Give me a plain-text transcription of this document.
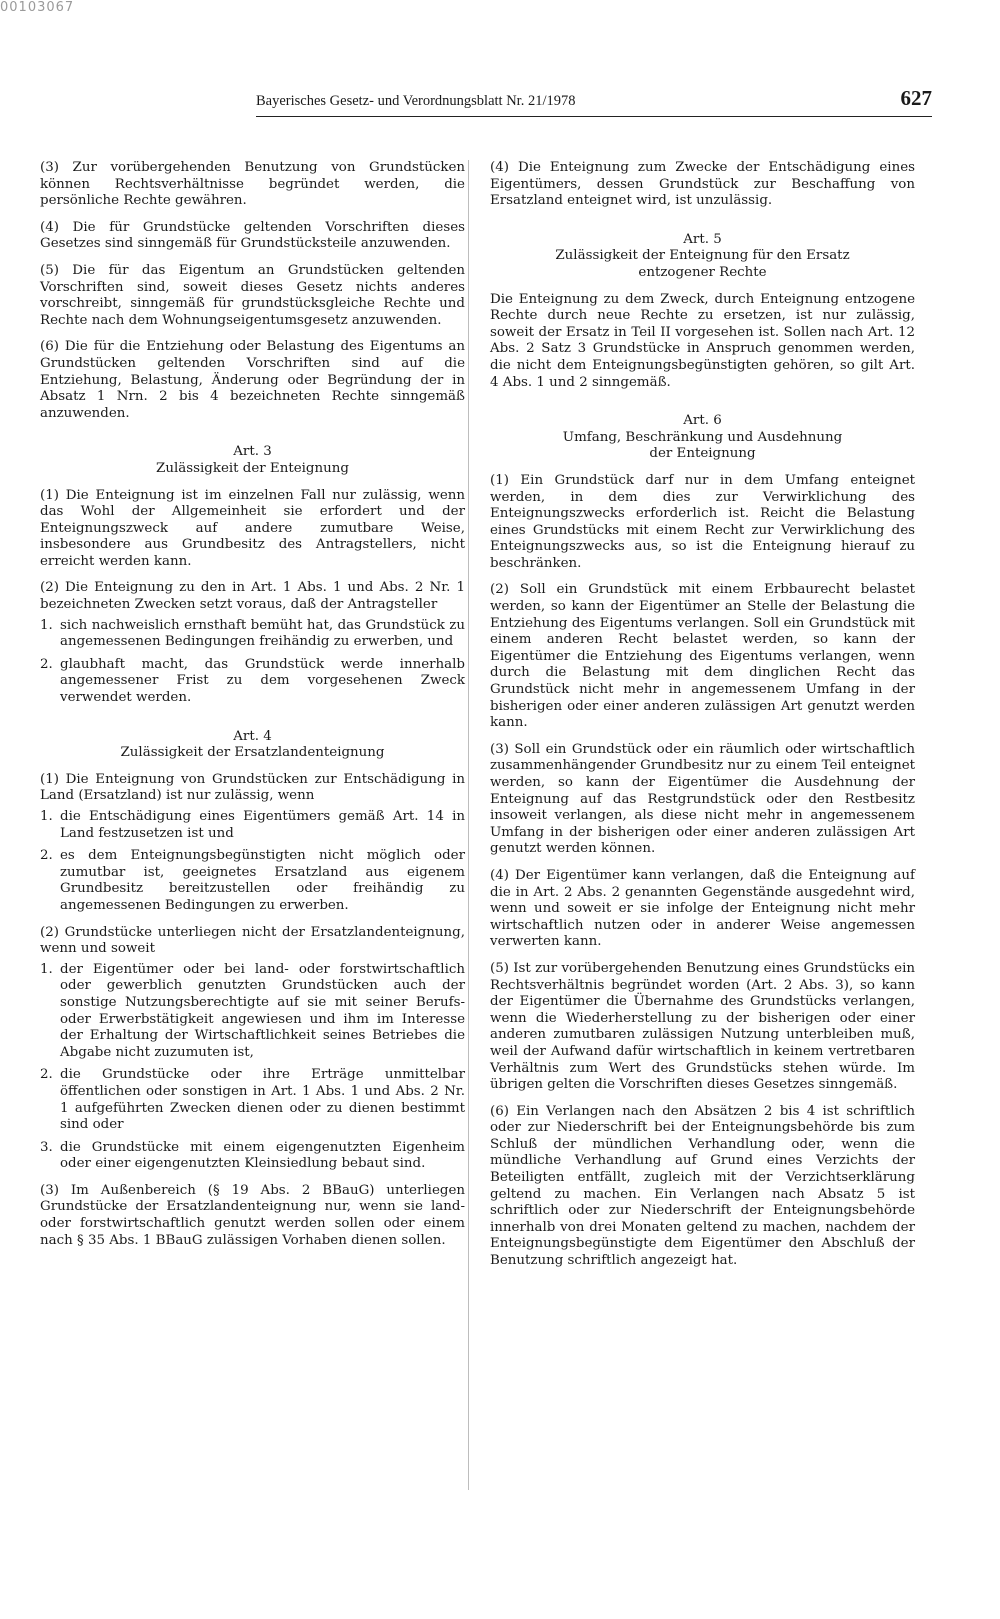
00103067
Bayerisches Gesetz- und Verordnungsblatt Nr. 21/1978	627

(3) Zur vorübergehenden Benutzung von Grundstücken können Rechtsverhältnisse begründet werden, die persönliche Rechte gewähren.

(4) Die für Grundstücke geltenden Vorschriften dieses Gesetzes sind sinngemäß für Grundstücksteile anzuwenden.

(5) Die für das Eigentum an Grundstücken geltenden Vorschriften sind, soweit dieses Gesetz nichts anderes vorschreibt, sinngemäß für grundstücksgleiche Rechte und Rechte nach dem Wohnungseigentumsgesetz anzuwenden.

(6) Die für die Entziehung oder Belastung des Eigentums an Grundstücken geltenden Vorschriften sind auf die Entziehung, Belastung, Änderung oder Begründung der in Absatz 1 Nrn. 2 bis 4 bezeichneten Rechte sinngemäß anzuwenden.

Art. 3
Zulässigkeit der Enteignung

(1) Die Enteignung ist im einzelnen Fall nur zulässig, wenn das Wohl der Allgemeinheit sie erfordert und der Enteignungszweck auf andere zumutbare Weise, insbesondere aus Grundbesitz des Antragstellers, nicht erreicht werden kann.

(2) Die Enteignung zu den in Art. 1 Abs. 1 und Abs. 2 Nr. 1 bezeichneten Zwecken setzt voraus, daß der Antragsteller

1. sich nachweislich ernsthaft bemüht hat, das Grundstück zu angemessenen Bedingungen freihändig zu erwerben, und
2. glaubhaft macht, das Grundstück werde innerhalb angemessener Frist zu dem vorgesehenen Zweck verwendet werden.
Art. 4
Zulässigkeit der Ersatzlandenteignung

(1) Die Enteignung von Grundstücken zur Entschädigung in Land (Ersatzland) ist nur zulässig, wenn

1. die Entschädigung eines Eigentümers gemäß Art. 14 in Land festzusetzen ist und
2. es dem Enteignungsbegünstigten nicht möglich oder zumutbar ist, geeignetes Ersatzland aus eigenem Grundbesitz bereitzustellen oder freihändig zu angemessenen Bedingungen zu erwerben.

(2) Grundstücke unterliegen nicht der Ersatzlandenteignung, wenn und soweit

1. der Eigentümer oder bei land- oder forstwirtschaftlich oder gewerblich genutzten Grundstücken auch der sonstige Nutzungsberechtigte auf sie mit seiner Berufs- oder Erwerbstätigkeit angewiesen und ihm im Interesse der Erhaltung der Wirtschaftlichkeit seines Betriebes die Abgabe nicht zuzumuten ist,
2. die Grundstücke oder ihre Erträge unmittelbar öffentlichen oder sonstigen in Art. 1 Abs. 1 und Abs. 2 Nr. 1 aufgeführten Zwecken dienen oder zu dienen bestimmt sind oder
3. die Grundstücke mit einem eigengenutzten Eigenheim oder einer eigengenutzten Kleinsiedlung bebaut sind.

(3) Im Außenbereich (§ 19 Abs. 2 BBauG) unterliegen Grundstücke der Ersatzlandenteignung nur, wenn sie land- oder forstwirtschaftlich genutzt werden sollen oder einem nach § 35 Abs. 1 BBauG zulässigen Vorhaben dienen sollen.

(4) Die Enteignung zum Zwecke der Entschädigung eines Eigentümers, dessen Grundstück zur Beschaffung von Ersatzland enteignet wird, ist unzulässig.

Art. 5
Zulässigkeit der Enteignung für den Ersatz
entzogener Rechte

Die Enteignung zu dem Zweck, durch Enteignung entzogene Rechte durch neue Rechte zu ersetzen, ist nur zulässig, soweit der Ersatz in Teil II vorgesehen ist. Sollen nach Art. 12 Abs. 2 Satz 3 Grundstücke in Anspruch genommen werden, die nicht dem Enteignungsbegünstigten gehören, so gilt Art. 4 Abs. 1 und 2 sinngemäß.

Art. 6
Umfang, Beschränkung und Ausdehnung
der Enteignung

(1) Ein Grundstück darf nur in dem Umfang enteignet werden, in dem dies zur Verwirklichung des Enteignungszwecks erforderlich ist. Reicht die Belastung eines Grundstücks mit einem Recht zur Verwirklichung des Enteignungszwecks aus, so ist die Enteignung hierauf zu beschränken.

(2) Soll ein Grundstück mit einem Erbbaurecht belastet werden, so kann der Eigentümer an Stelle der Belastung die Entziehung des Eigentums verlangen. Soll ein Grundstück mit einem anderen Recht belastet werden, so kann der Eigentümer die Entziehung des Eigentums verlangen, wenn durch die Belastung mit dem dinglichen Recht das Grundstück nicht mehr in angemessenem Umfang in der bisherigen oder einer anderen zulässigen Art genutzt werden kann.

(3) Soll ein Grundstück oder ein räumlich oder wirtschaftlich zusammenhängender Grundbesitz nur zu einem Teil enteignet werden, so kann der Eigentümer die Ausdehnung der Enteignung auf das Restgrundstück oder den Restbesitz insoweit verlangen, als diese nicht mehr in angemessenem Umfang in der bisherigen oder einer anderen zulässigen Art genutzt werden können.

(4) Der Eigentümer kann verlangen, daß die Enteignung auf die in Art. 2 Abs. 2 genannten Gegenstände ausgedehnt wird, wenn und soweit er sie infolge der Enteignung nicht mehr wirtschaftlich nutzen oder in anderer Weise angemessen verwerten kann.

(5) Ist zur vorübergehenden Benutzung eines Grundstücks ein Rechtsverhältnis begründet worden (Art. 2 Abs. 3), so kann der Eigentümer die Übernahme des Grundstücks verlangen, wenn die Wiederherstellung zu der bisherigen oder einer anderen zumutbaren zulässigen Nutzung unterbleiben muß, weil der Aufwand dafür wirtschaftlich in keinem vertretbaren Verhältnis zum Wert des Grundstücks stehen würde. Im übrigen gelten die Vorschriften dieses Gesetzes sinngemäß.

(6) Ein Verlangen nach den Absätzen 2 bis 4 ist schriftlich oder zur Niederschrift bei der Enteignungsbehörde bis zum Schluß der mündlichen Verhandlung oder, wenn die mündliche Verhandlung auf Grund eines Verzichts der Beteiligten entfällt, zugleich mit der Verzichtserklärung geltend zu machen. Ein Verlangen nach Absatz 5 ist schriftlich oder zur Niederschrift der Enteignungsbehörde innerhalb von drei Monaten geltend zu machen, nachdem der Enteignungsbegünstigte dem Eigentümer den Abschluß der Benutzung schriftlich angezeigt hat.
